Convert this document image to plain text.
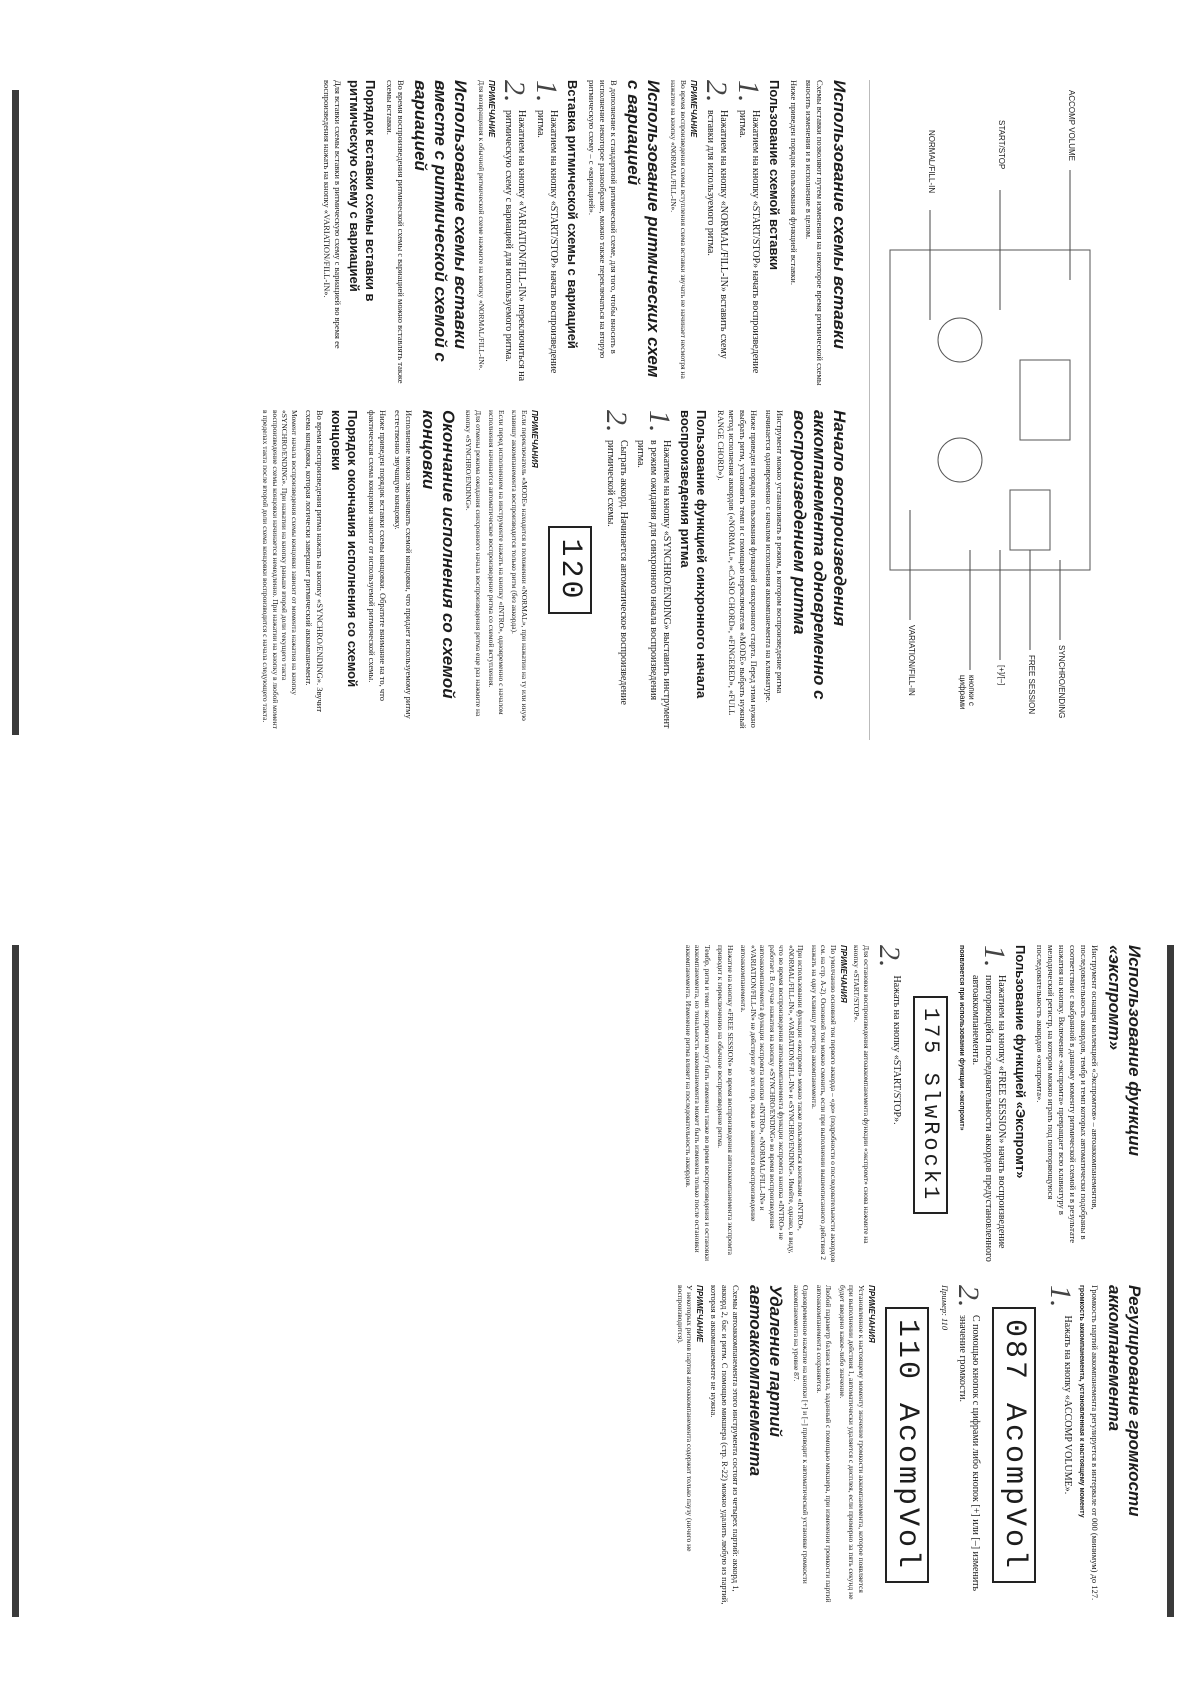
ACCOMP VOLUME
START/STOP
NORMAL/FILL-IN
SYNCHRO/ENDING
FREE SESSION
[+]/[–]
кнопки с цифрами
VARIATION/FILL-IN
Использование схемы вставки
Схемы вставки позволяют путем изменения на некоторое время ритмической схемы вносить изменения и в исполнение в целом.
Ниже приведен порядок пользования функцией вставки.
Пользование схемой вставки
1.
Нажатием на кнопку «START/STOP» начать воспроизведение ритма.
2.
Нажатием на кнопку «NORMAL/FILL-IN» вставить схему вставки для используемого ритма.
ПРИМЕЧАНИЕ
Во время воспроизведения схемы вступления схема вставки звучать не начинает несмотря на нажатие на кнопку «NORMAL/FILL-IN».
Использование ритмических схем с вариацией
В дополнение к стандартной ритмической схеме, для того, чтобы вносить в исполнение некоторое разнообразие, можно также переключаться на вторую ритмическую схему – с «вариацией».
Вставка ритмической схемы с вариацией
1.
Нажатием на кнопку «START/STOP» начать воспроизведение ритма.
2.
Нажатием на кнопку «VARIATION/FILL-IN» переключиться на ритмическую схему с вариацией для используемого ритма.
ПРИМЕЧАНИЕ
Для возвращения к обычной ритмической схеме нажмите на кнопку «NORMAL/FILL-IN».
Использование схемы вставки вместе с ритмической схемой с вариацией
Во время воспроизведения ритмической схемы с вариацией можно вставлять также схемы вставки.
Порядок вставки схемы вставки в ритмическую схему с вариацией
Для вставки схемы вставки в ритмическую схему с вариацией во время ее воспроизведения нажать на кнопку «VARIATION/FILL-IN».
Начало воспроизведения аккомпанемента одновременно с воспроизведением ритма
Инструмент можно устанавливать в режим, в котором воспроизведение ритма начинается одновременно с началом исполнения аккомпанемента на клавиатуре.
Ниже приведен порядок пользования функцией синхронного старта. Перед этим нужно выбрать ритм, установить темп и с помощью переключателя «MODE» выбрать нужный метод исполнения аккордов («NORMAL», «CASIO CHORD», «FINGERED», «FULL RANGE CHORD»).
Пользование функцией синхронного начала воспроизведения ритма
1.
Нажатием на кнопку «SYNCHRO/ENDING» выставить инструмент в режим ожидания для синхронного начала воспроизведения ритма.
2.
Сыграть аккорд. Начинается автоматическое воспроизведение ритмической схемы.
120
ПРИМЕЧАНИЯ
Если переключатель «MODE» находится в положении «NORMAL», при нажатии на ту или иную клавишу аккомпанемента воспроизводится только ритм (без аккорда).
Если перед исполнением на инструменте нажать на кнопку «INTRO», одновременно с началом исполнения начинается автоматическое воспроизведение ритма со схемой вступления.
Для отмены режима ожидания синхронного начала воспроизведения ритма еще раз нажмите на кнопку «SYNCHRO/ENDING».
Окончание исполнения со схемой концовки
Исполнение можно заканчивать схемой концовки, что придает используемому ритму естественно звучащую концовку.
Ниже приведен порядок вставки схемы концовки. Обратите внимание на то, что фактическая схема концовки зависит от используемой ритмической схемы.
Порядок окончания исполнения со схемой концовки
Во время воспроизведения ритма нажать на кнопку «SYNCHRO/ENDING». Звучит схема концовки, которая логически завершает ритмический аккомпанемент.
Момент начала воспроизведения схемы концовки зависит от момента нажатия на кнопку «SYNCHRO/ENDING». При нажатии на кнопку раньше второй доли текущего такта воспроизведение схемы концовки начинается немедленно. При нажатии на кнопку в любой момент в пределах такта после второй доли схема концовки воспроизводится с начала следующего такта.
Использование функции «экспромт»
Инструмент оснащен коллекцией «Экспромтов» – автоаккомпанементов, последовательность аккордов, тембр и темп которых автоматически подобраны в соответствии с выбранной в данному моменту ритмической схемой и в результате нажатия на кнопку. Включение «экспромта» превращает всю клавиатуру в мелодический регистр, на котором можно играть под повторяющуюся последовательность аккордов «экспромта».
Пользование функцией «Экспромт»
1.
Нажатием на кнопку «FREE SESSION» начать воспроизведение повторяющейся последовательности аккордов предустановленного автоаккомпанемента.
появляется при использовании функции «экспромт»
175 SlwRock1
2.
Нажать на кнопку «START/STOP».
Для остановки воспроизведения автоаккомпанемента функции «экспромт» снова нажмите на кнопку «START/STOP».
ПРИМЕЧАНИЯ
По умолчанию основной тон первого аккорда – «до» (подробности о последовательности аккордов см. на стр. A-2). Основной тон можно сменить, если при выполнении вышеописанного действия 2 нажать на одну клавишу регистра аккомпанемента.
При использовании функции «экспромт» можно также пользоваться кнопками «INTRO», «NORMAL/FILL-IN», «VARIATION/FILL-IN» и «SYNCHRO/ENDING». Имейте, однако, в виду, что во время воспроизведения автоаккомпанемента функции экспромта кнопка «INTRO» не работает. В случае нажатия на кнопку «SYNCHRO/ENDING» во время воспроизведения автоаккомпанемента функции экспромта кнопки «INTRO», «NORMAL/FILL-IN» и «VARIATION/FILL-IN» не действуют до тех пор, пока не закончится воспроизведение автоаккомпанемента.
Нажатие на кнопку «FREE SESSION» во время воспроизведения автоаккомпанемента экспромта приводит к переключению на обычное воспроизведение ритма.
Тембр, ритм и темп экспромта могут быть изменены также во время воспроизведения и остановки аккомпанемента, но тональность аккомпанемента может быть изменена только после остановки аккомпанемента. Изменение ритма влияет на последовательность аккордов.
Регулирование громкости аккомпанемента
Громкость партий аккомпанемента регулируется в интервале от 000 (минимум) до 127.
громкость аккомпанемента, установленная к настоящему моменту
1.
Нажать на кнопку «ACCOMP VOLUME».
087 AcompVol
2.
С помощью кнопок с цифрами либо кнопок [+] или [–] изменить значение громкости.
Пример: 110
110 AcompVol
ПРИМЕЧАНИЯ
Установленное к настоящему моменту значение громкости аккомпанемента, которое появляется при выполнении действия 1, автоматически удаляется с дисплея, если примерно за пять секунд не будет введено какое-либо значение.
Любой параметр баланса канала, заданный с помощью микшера, при изменении громкости партий автоаккомпанемента сохраняется.
Одновременное нажатие на кнопки [+] и [–] приводит к автоматической установке громкости аккомпанемента на уровне 87.
Удаление партий автоаккомпанемента
Схемы автоаккомпанемента этого инструмента состоят из четырех партий: аккорд 1, аккорд 2, бас и ритм. С помощью микшера (стр. R-22) можно удалить любую из партий, которая в аккомпанементе не нужна.
ПРИМЕЧАНИЕ
У некоторых ритмов партия автоаккомпанемента содержит только паузу (ничего не воспроизводится).
